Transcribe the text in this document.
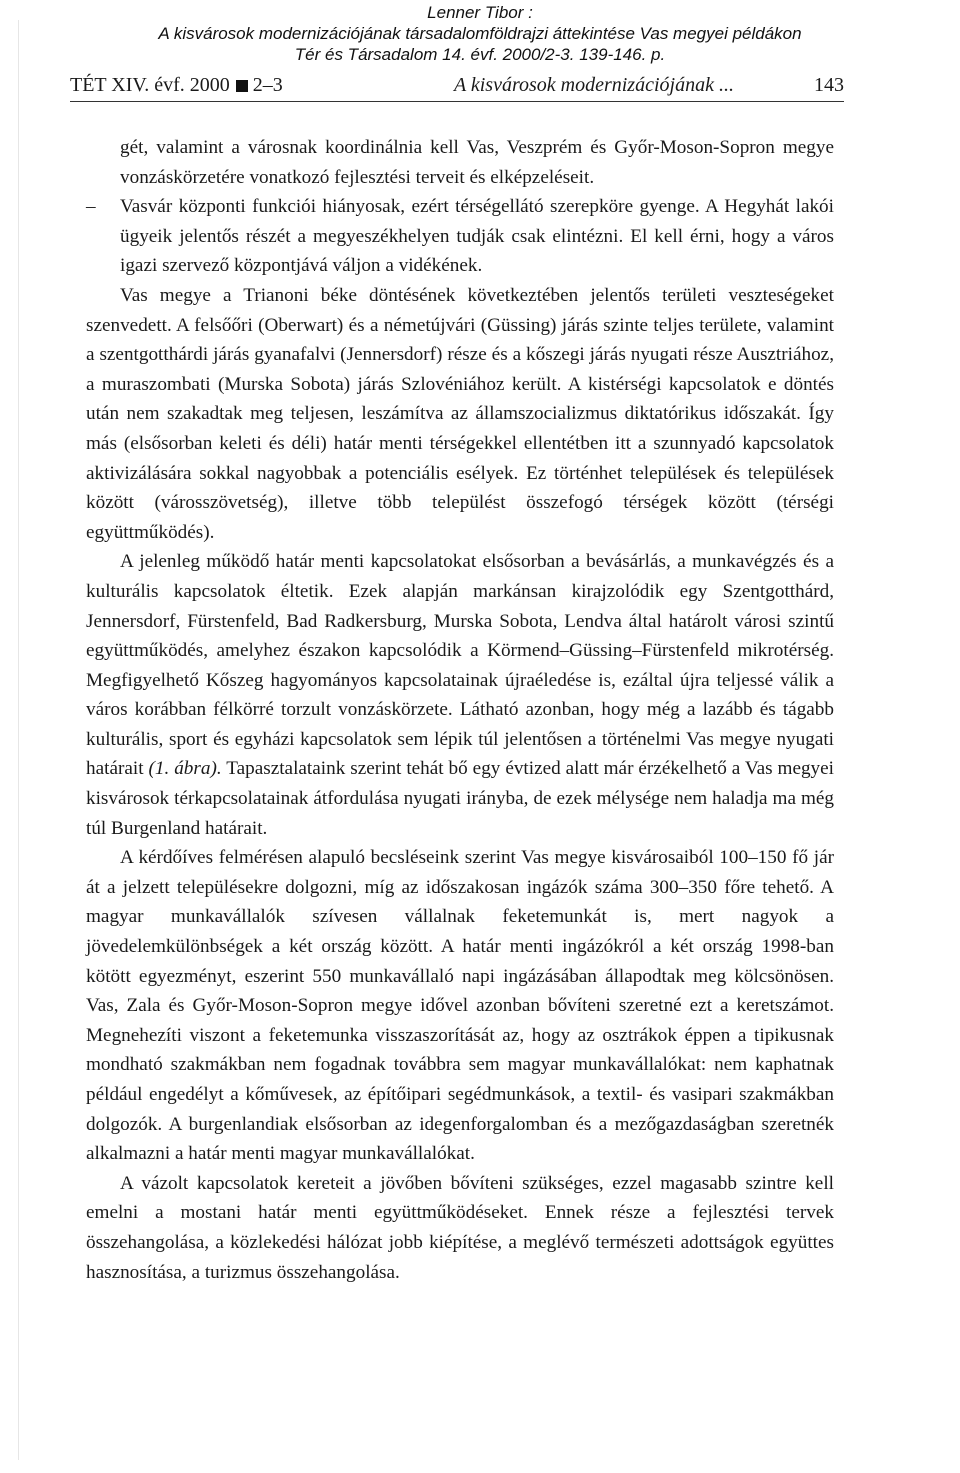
Lenner Tibor :
A kisvárosok modernizációjának társadalomföldrajzi áttekintése Vas megyei példákon
Tér és Társadalom 14. évf. 2000/2-3. 139-146. p.
TÉT XIV. évf. 2000 2–3	A kisvárosok modernizációjának ...	143

gét, valamint a városnak koordinálnia kell Vas, Veszprém és Győr-Moson-Sopron megye vonzáskörzetére vonatkozó fejlesztési terveit és elképzeléseit.

– Vasvár központi funkciói hiányosak, ezért térségellátó szerepköre gyenge. A Hegyhát lakói ügyeik jelentős részét a megyeszékhelyen tudják csak elintézni. El kell érni, hogy a város igazi szervező központjává váljon a vidékének.

Vas megye a Trianoni béke döntésének következtében jelentős területi veszteségeket szenvedett. A felsőőri (Oberwart) és a németújvári (Güssing) járás szinte teljes területe, valamint a szentgotthárdi járás gyanafalvi (Jennersdorf) része és a kőszegi járás nyugati része Ausztriához, a muraszombati (Murska Sobota) járás Szlovéniához került. A kistérségi kapcsolatok e döntés után nem szakadtak meg teljesen, leszámítva az államszocializmus diktatórikus időszakát. Így más (elsősorban keleti és déli) határ menti térségekkel ellentétben itt a szunnyadó kapcsolatok aktivizálására sokkal nagyobbak a potenciális esélyek. Ez történhet települések és települések között (városszövetség), illetve több települést összefogó térségek között (térségi együttműködés).

A jelenleg működő határ menti kapcsolatokat elsősorban a bevásárlás, a munkavégzés és a kulturális kapcsolatok éltetik. Ezek alapján markánsan kirajzolódik egy Szentgotthárd, Jennersdorf, Fürstenfeld, Bad Radkersburg, Murska Sobota, Lendva által határolt városi szintű együttműködés, amelyhez északon kapcsolódik a Körmend–Güssing–Fürstenfeld mikrotérség. Megfigyelhető Kőszeg hagyományos kapcsolatainak újraéledése is, ezáltal újra teljessé válik a város korábban félkörré torzult vonzáskörzete. Látható azonban, hogy még a lazább és tágabb kulturális, sport és egyházi kapcsolatok sem lépik túl jelentősen a történelmi Vas megye nyugati határait (1. ábra). Tapasztalataink szerint tehát bő egy évtized alatt már érzékelhető a Vas megyei kisvárosok térkapcsolatainak átfordulása nyugati irányba, de ezek mélysége nem haladja ma még túl Burgenland határait.

A kérdőíves felmérésen alapuló becsléseink szerint Vas megye kisvárosaiból 100–150 fő jár át a jelzett településekre dolgozni, míg az időszakosan ingázók száma 300–350 főre tehető. A magyar munkavállalók szívesen vállalnak feketemunkát is, mert nagyok a jövedelemkülönbségek a két ország között. A határ menti ingázókról a két ország 1998-ban kötött egyezményt, eszerint 550 munkavállaló napi ingázásában állapodtak meg kölcsönösen. Vas, Zala és Győr-Moson-Sopron megye idővel azonban bővíteni szeretné ezt a keretszámot. Megnehezíti viszont a feketemunka visszaszorítását az, hogy az osztrákok éppen a tipikusnak mondható szakmákban nem fogadnak továbbra sem magyar munkavállalókat: nem kaphatnak például engedélyt a kőművesek, az építőipari segédmunkások, a textil- és vasipari szakmákban dolgozók. A burgenlandiak elsősorban az idegenforgalomban és a mezőgazdaságban szeretnék alkalmazni a határ menti magyar munkavállalókat.

A vázolt kapcsolatok kereteit a jövőben bővíteni szükséges, ezzel magasabb szintre kell emelni a mostani határ menti együttműködéseket. Ennek része a fejlesztési tervek összehangolása, a közlekedési hálózat jobb kiépítése, a meglévő természeti adottságok együttes hasznosítása, a turizmus összehangolása.
